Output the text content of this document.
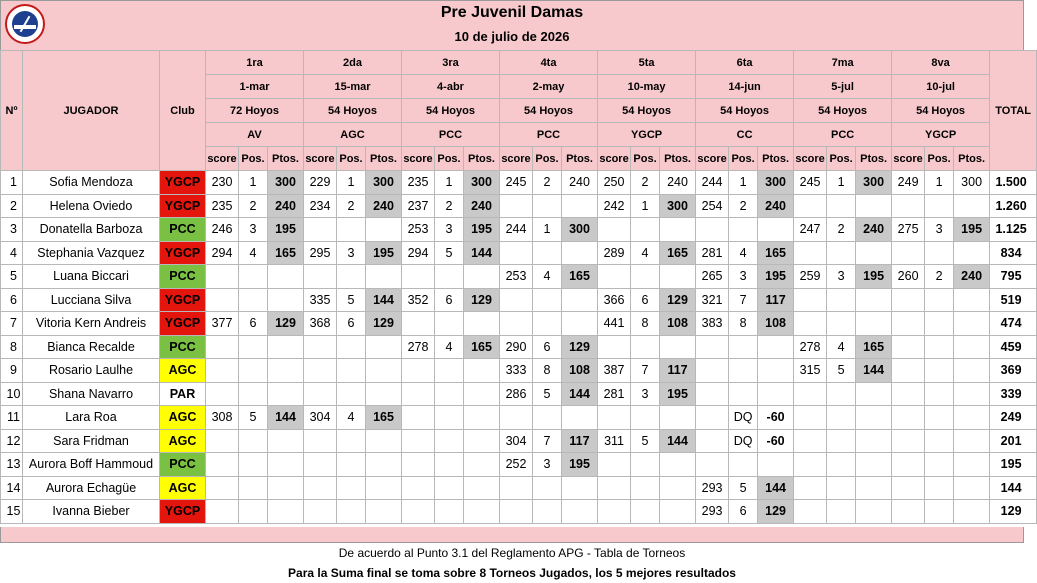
Pre Juvenil Damas
10 de julio de 2026
Nº	JUGADOR	Club	1ra			2da			3ra			4ta			5ta			6ta			7ma			8va			TOTAL
			1-mar			15-mar			4-abr			2-may			10-may			14-jun			5-jul			10-jul			
			72 Hoyos			54 Hoyos			54 Hoyos			54 Hoyos			54 Hoyos			54 Hoyos			54 Hoyos			54 Hoyos			
			AV			AGC			PCC			PCC			YGCP			CC			PCC			YGCP			
			score	Pos.	Ptos.	score	Pos.	Ptos.	score	Pos.	Ptos.	score	Pos.	Ptos.	score	Pos.	Ptos.	score	Pos.	Ptos.	score	Pos.	Ptos.	score	Pos.	Ptos.	
1	Sofia Mendoza	YGCP	230	1	300	229	1	300	235	1	300	245	2	240	250	2	240	244	1	300	245	1	300	249	1	300	1.500
2	Helena Oviedo	YGCP	235	2	240	234	2	240	237	2	240				242	1	300	254	2	240							1.260
3	Donatella Barboza	PCC	246	3	195				253	3	195	244	1	300							247	2	240	275	3	195	1.125
4	Stephania Vazquez	YGCP	294	4	165	295	3	195	294	5	144				289	4	165	281	4	165							834
5	Luana Biccari	PCC										253	4	165				265	3	195	259	3	195	260	2	240	795
6	Lucciana Silva	YGCP				335	5	144	352	6	129				366	6	129	321	7	117							519
7	Vitoria Kern Andreis	YGCP	377	6	129	368	6	129							441	8	108	383	8	108							474
8	Bianca Recalde	PCC							278	4	165	290	6	129							278	4	165				459
9	Rosario Laulhe	AGC										333	8	108	387	7	117				315	5	144				369
10	Shana Navarro	PAR										286	5	144	281	3	195										339
11	Lara Roa	AGC	308	5	144	304	4	165											DQ	-60							249
12	Sara Fridman	AGC										304	7	117	311	5	144		DQ	-60							201
13	Aurora Boff Hammoud	PCC										252	3	195													195
14	Aurora Echagüe	AGC																293	5	144							144
15	Ivanna Bieber	YGCP																293	6	129							129
De acuerdo al Punto 3.1 del Reglamento APG - Tabla de Torneos
Para la Suma final se toma sobre 8 Torneos Jugados, los 5 mejores resultados
